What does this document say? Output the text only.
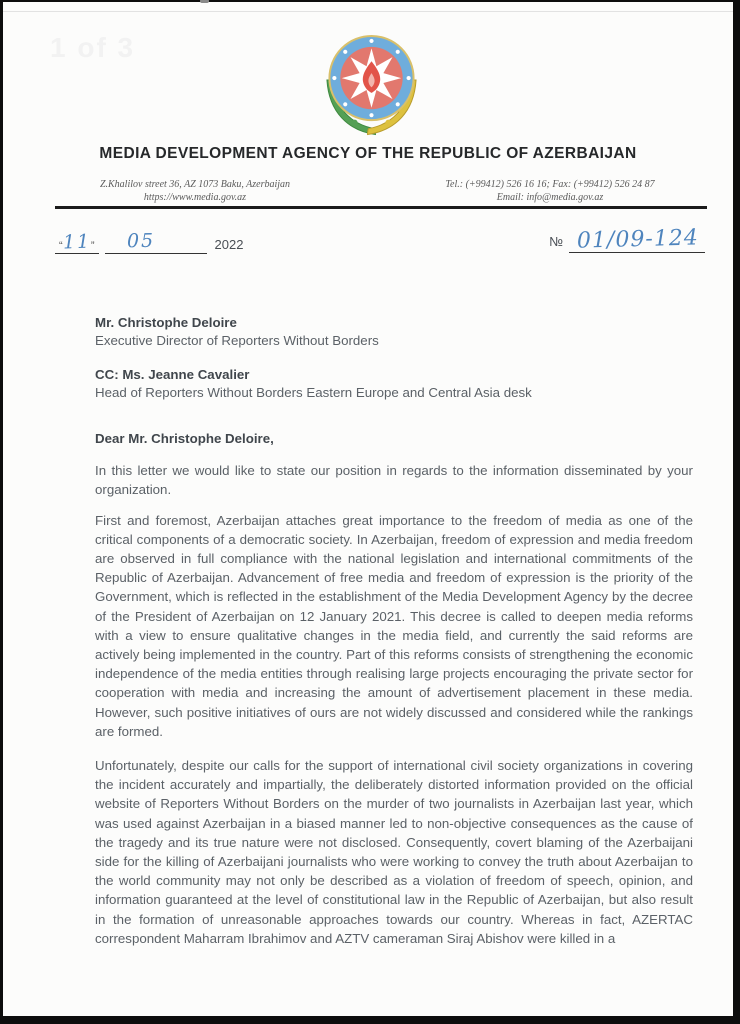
1 of 3
MEDIA DEVELOPMENT AGENCY OF THE REPUBLIC OF AZERBAIJAN
Z.Khalilov street 36, AZ 1073 Baku, Azerbaijan
https://www.media.gov.az
Tel.: (+99412) 526 16 16; Fax: (+99412) 526 24 87
Email: info@media.gov.az
“ 11 ”	05	2022	№ 01/09-124
Mr. Christophe Deloire
Executive Director of Reporters Without Borders
CC: Ms. Jeanne Cavalier
Head of Reporters Without Borders Eastern Europe and Central Asia desk
Dear Mr. Christophe Deloire,

In this letter we would like to state our position in regards to the information disseminated by your organization.

First and foremost, Azerbaijan attaches great importance to the freedom of media as one of the critical components of a democratic society. In Azerbaijan, freedom of expression and media freedom are observed in full compliance with the national legislation and international commitments of the Republic of Azerbaijan. Advancement of free media and freedom of expression is the priority of the Government, which is reflected in the establishment of the Media Development Agency by the decree of the President of Azerbaijan on 12 January 2021. This decree is called to deepen media reforms with a view to ensure qualitative changes in the media field, and currently the said reforms are actively being implemented in the country. Part of this reforms consists of strengthening the economic independence of the media entities through realising large projects encouraging the private sector for cooperation with media and increasing the amount of advertisement placement in these media. However, such positive initiatives of ours are not widely discussed and considered while the rankings are formed.

Unfortunately, despite our calls for the support of international civil society organizations in covering the incident accurately and impartially, the deliberately distorted information provided on the official website of Reporters Without Borders on the murder of two journalists in Azerbaijan last year, which was used against Azerbaijan in a biased manner led to non-objective consequences as the cause of the tragedy and its true nature were not disclosed. Consequently, covert blaming of the Azerbaijani side for the killing of Azerbaijani journalists who were working to convey the truth about Azerbaijan to the world community may not only be described as a violation of freedom of speech, opinion, and information guaranteed at the level of constitutional law in the Republic of Azerbaijan, but also result in the formation of unreasonable approaches towards our country. Whereas in fact, AZERTAC correspondent Maharram Ibrahimov and AZTV cameraman Siraj Abishov were killed in a
